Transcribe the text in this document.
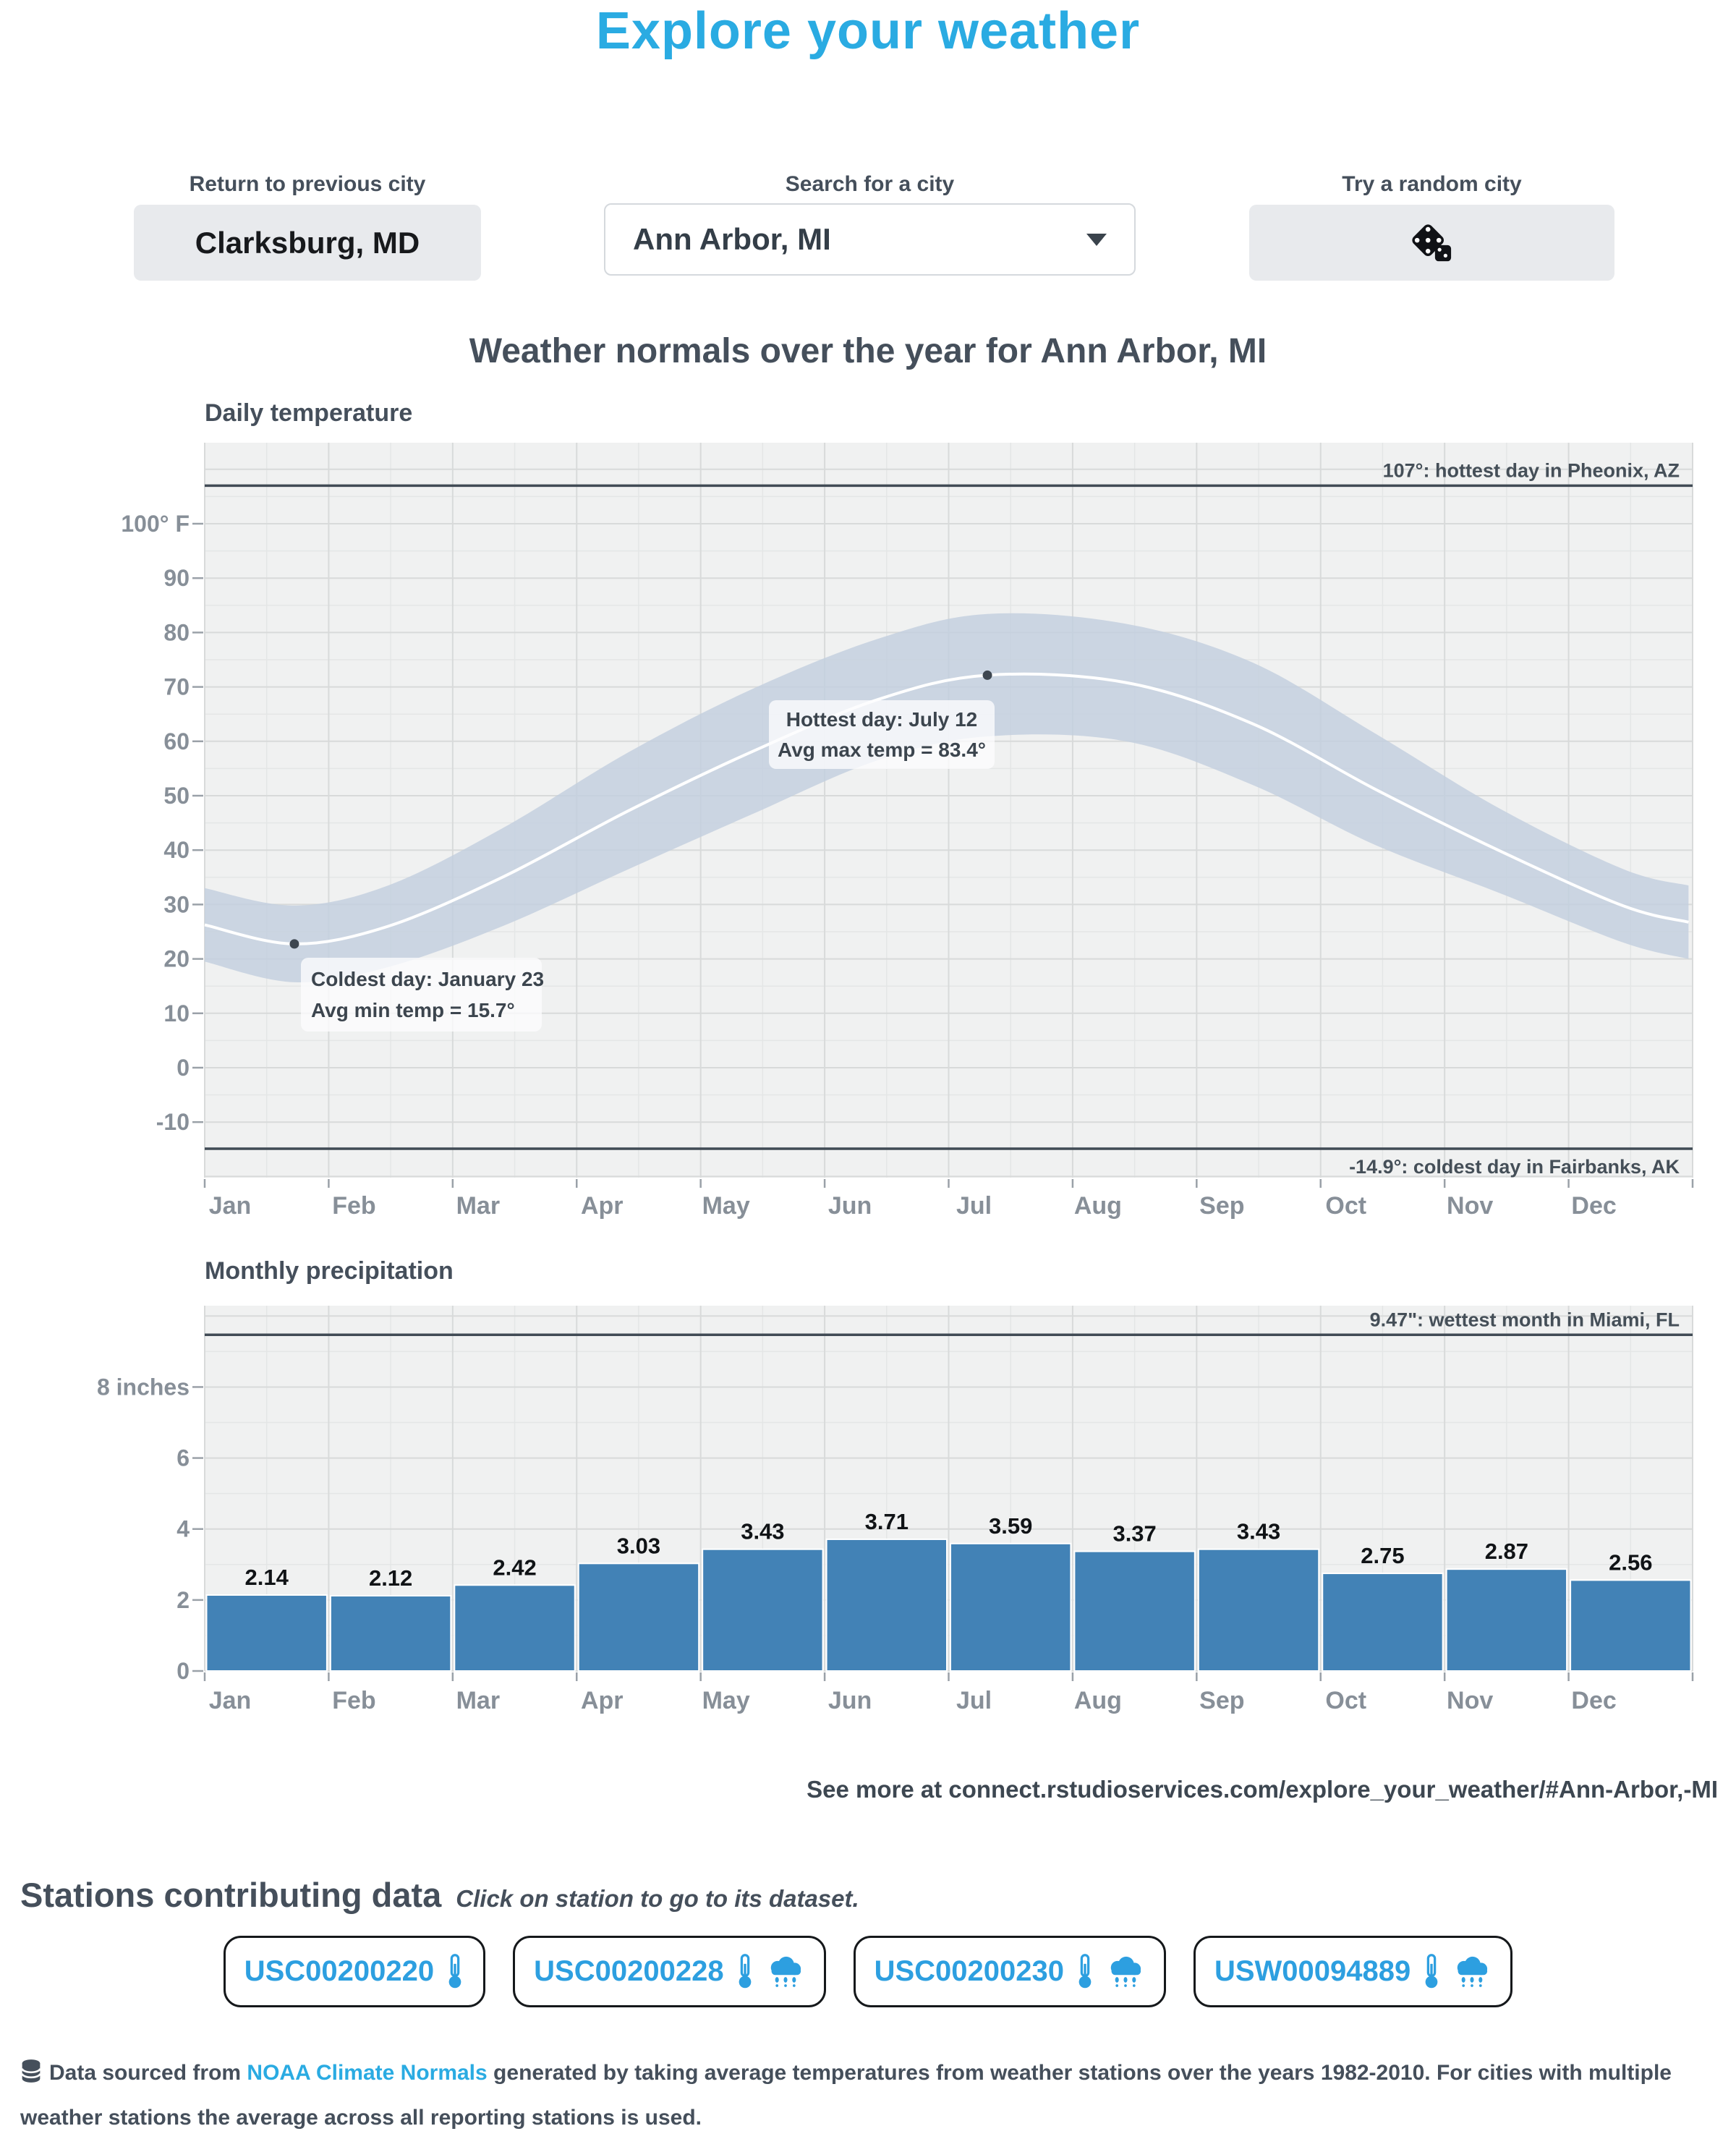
Explore your weather
Return to previous city	Search for a city	Try a random city
Clarksburg, MD	Ann Arbor, MI
Weather normals over the year for Ann Arbor, MI
Daily temperature
107°: hottest day in Pheonix, AZ
-14.9°: coldest day in Fairbanks, AK
Coldest day: January 23
Avg min temp = 15.7°
Hottest day: July 12
Avg max temp = 83.4°
100° F
90
80
70
60
50
40
30
20
10
0
-10
Jan	Feb	Mar	Apr	May	Jun	Jul	Aug	Sep	Oct	Nov	Dec
Monthly precipitation
9.47": wettest month in Miami, FL
2.14	2.12	2.42
3.03
3.43	3.71	3.59	3.37	3.43
2.75	2.87	2.56
0
2
4
6
8 inches
Jan	Feb	Mar	Apr	May	Jun	Jul	Aug	Sep	Oct	Nov	Dec
See more at connect.rstudioservices.com/explore_your_weather/#Ann-Arbor,-MI
Stations contributing data Click on station to go to its dataset.
USC00200220	USC00200228	USC00200230	USW00094889
Data sourced from NOAA Climate Normals generated by taking average temperatures from weather stations over the years 1982-2010. For cities with multiple weather stations the average across all reporting stations is used.
